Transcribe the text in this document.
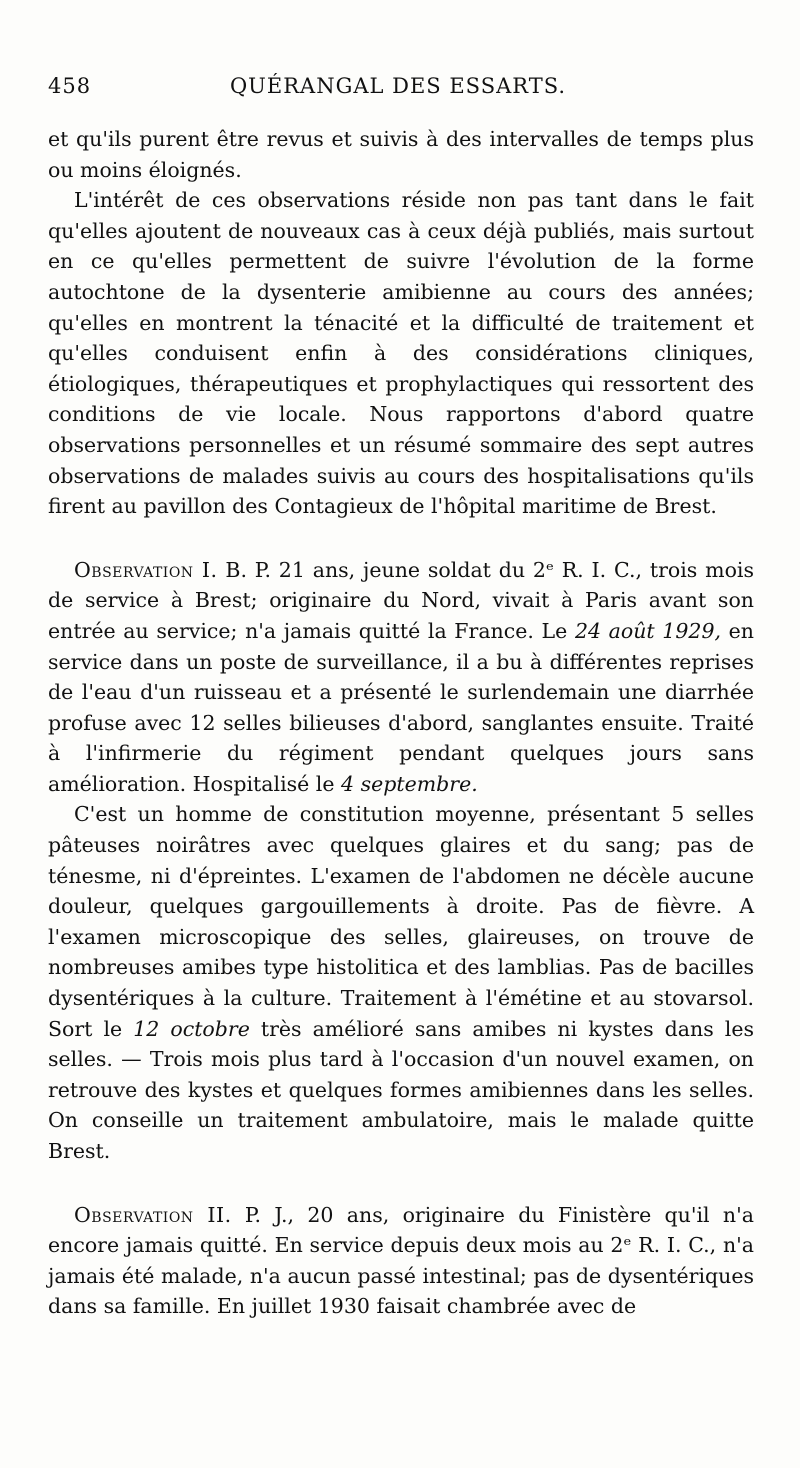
458	QUÉRANGAL DES ESSARTS.

et qu'ils purent être revus et suivis à des intervalles de temps plus ou moins éloignés.

L'intérêt de ces observations réside non pas tant dans le fait qu'elles ajoutent de nouveaux cas à ceux déjà publiés, mais surtout en ce qu'elles permettent de suivre l'évolution de la forme autochtone de la dysenterie amibienne au cours des années; qu'elles en montrent la ténacité et la difficulté de traitement et qu'elles conduisent enfin à des considérations cliniques, étiologiques, thérapeutiques et prophylactiques qui ressortent des conditions de vie locale. Nous rapportons d'abord quatre observations personnelles et un résumé sommaire des sept autres observations de malades suivis au cours des hospitalisations qu'ils firent au pavillon des Contagieux de l'hôpital maritime de Brest.

Observation I. B. P. 21 ans, jeune soldat du 2ᵉ R. I. C., trois mois de service à Brest; originaire du Nord, vivait à Paris avant son entrée au service; n'a jamais quitté la France. Le 24 août 1929, en service dans un poste de surveillance, il a bu à différentes reprises de l'eau d'un ruisseau et a présenté le surlendemain une diarrhée profuse avec 12 selles bilieuses d'abord, sanglantes ensuite. Traité à l'infirmerie du régiment pendant quelques jours sans amélioration. Hospitalisé le 4 septembre.

C'est un homme de constitution moyenne, présentant 5 selles pâteuses noirâtres avec quelques glaires et du sang; pas de ténesme, ni d'épreintes. L'examen de l'abdomen ne décèle aucune douleur, quelques gargouillements à droite. Pas de fièvre. A l'examen microscopique des selles, glaireuses, on trouve de nombreuses amibes type histolitica et des lamblias. Pas de bacilles dysentériques à la culture. Traitement à l'émétine et au stovarsol. Sort le 12 octobre très amélioré sans amibes ni kystes dans les selles. — Trois mois plus tard à l'occasion d'un nouvel examen, on retrouve des kystes et quelques formes amibiennes dans les selles. On conseille un traitement ambulatoire, mais le malade quitte Brest.

Observation II. P. J., 20 ans, originaire du Finistère qu'il n'a encore jamais quitté. En service depuis deux mois au 2ᵉ R. I. C., n'a jamais été malade, n'a aucun passé intestinal; pas de dysentériques dans sa famille. En juillet 1930 faisait chambrée avec de
